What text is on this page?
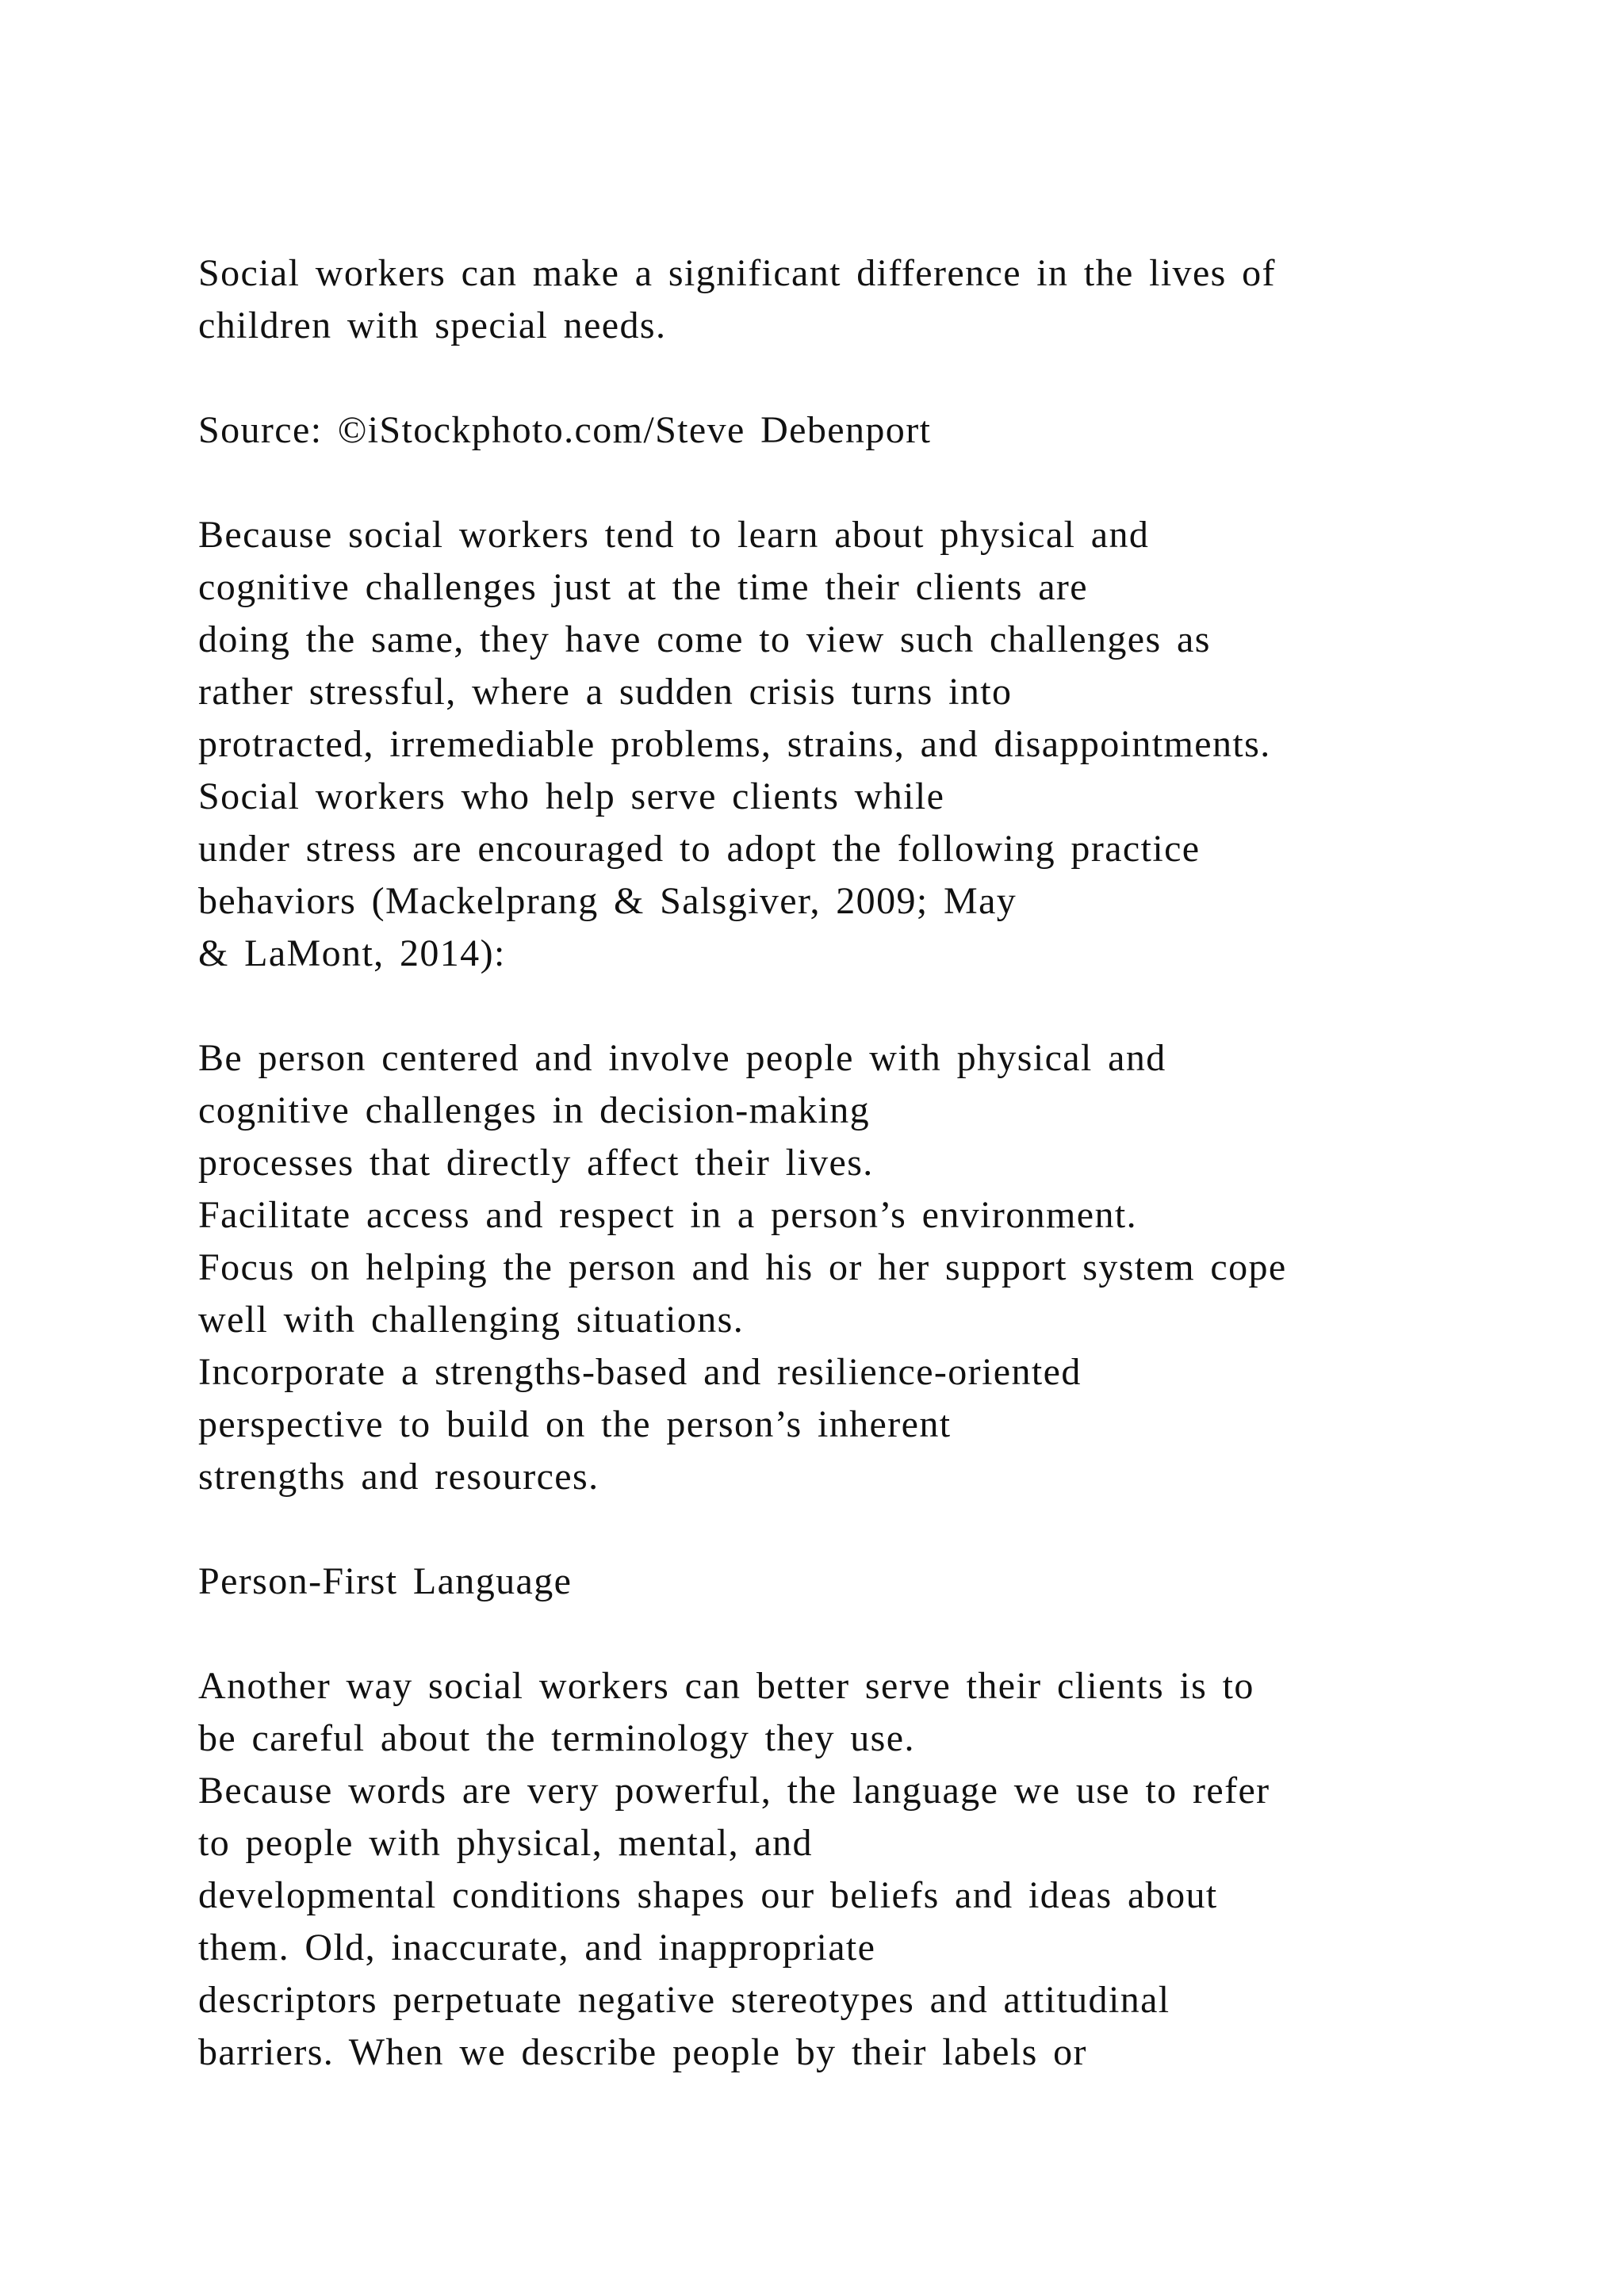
Social workers can make a significant difference in the lives of
children with special needs.
Source: ©iStockphoto.com/Steve Debenport
Because social workers tend to learn about physical and
cognitive challenges just at the time their clients are
doing the same, they have come to view such challenges as
rather stressful, where a sudden crisis turns into
protracted, irremediable problems, strains, and disappointments.
Social workers who help serve clients while
under stress are encouraged to adopt the following practice
behaviors (Mackelprang & Salsgiver, 2009; May
& LaMont, 2014):
Be person centered and involve people with physical and
cognitive challenges in decision-making
processes that directly affect their lives.
Facilitate access and respect in a person’s environment.
Focus on helping the person and his or her support system cope
well with challenging situations.
Incorporate a strengths-based and resilience-oriented
perspective to build on the person’s inherent
strengths and resources.
Person-First Language
Another way social workers can better serve their clients is to
be careful about the terminology they use.
Because words are very powerful, the language we use to refer
to people with physical, mental, and
developmental conditions shapes our beliefs and ideas about
them. Old, inaccurate, and inappropriate
descriptors perpetuate negative stereotypes and attitudinal
barriers. When we describe people by their labels or
